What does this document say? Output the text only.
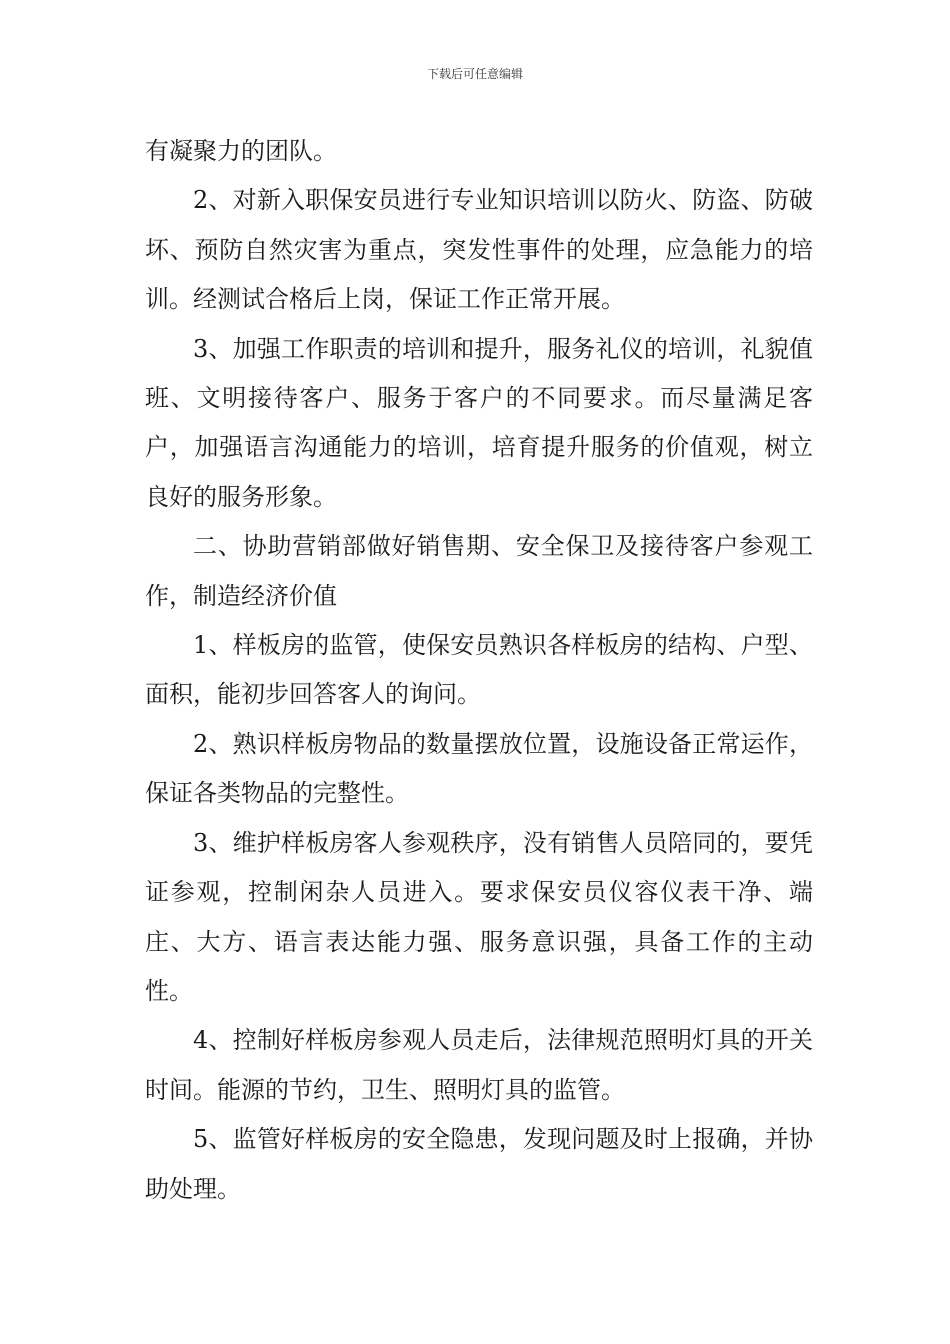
下载后可任意编辑

有凝聚力的团队。

2、对新入职保安员进行专业知识培训以防火、防盗、防破坏、预防自然灾害为重点，突发性事件的处理，应急能力的培训。经测试合格后上岗，保证工作正常开展。

3、加强工作职责的培训和提升，服务礼仪的培训，礼貌值班、文明接待客户、服务于客户的不同要求。而尽量满足客户，加强语言沟通能力的培训，培育提升服务的价值观，树立良好的服务形象。

二、协助营销部做好销售期、安全保卫及接待客户参观工作，制造经济价值

1、样板房的监管，使保安员熟识各样板房的结构、户型、面积，能初步回答客人的询问。

2、熟识样板房物品的数量摆放位置，设施设备正常运作，保证各类物品的完整性。

3、维护样板房客人参观秩序，没有销售人员陪同的，要凭证参观，控制闲杂人员进入。要求保安员仪容仪表干净、端庄、大方、语言表达能力强、服务意识强，具备工作的主动性。

4、控制好样板房参观人员走后，法律规范照明灯具的开关时间。能源的节约，卫生、照明灯具的监管。

5、监管好样板房的安全隐患，发现问题及时上报确，并协助处理。
